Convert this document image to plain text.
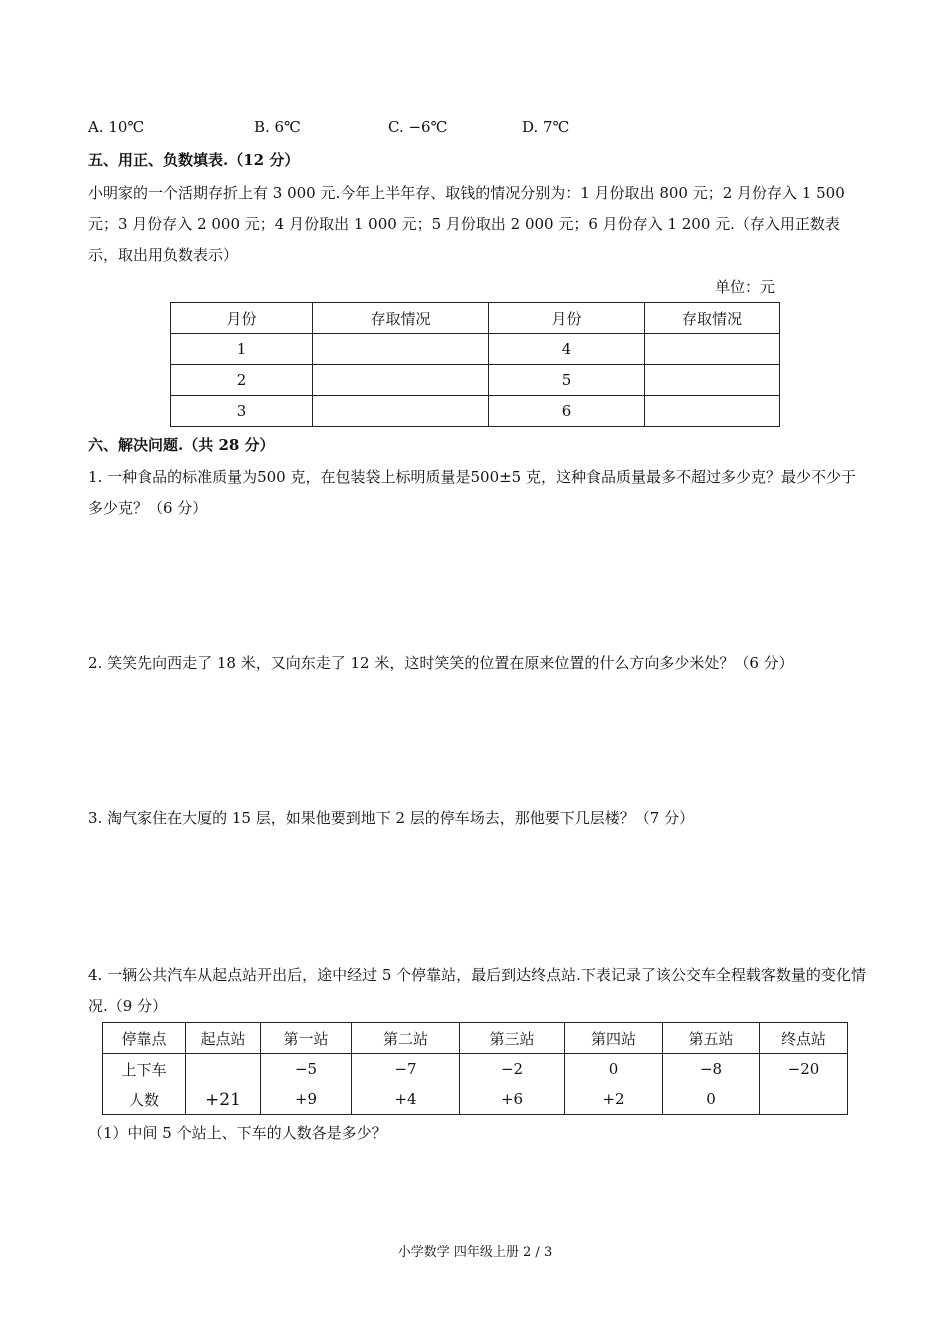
A. 10℃	B. 6℃	C. −6℃	D. 7℃
五、用正、负数填表.（12 分）
小明家的一个活期存折上有 3 000 元.今年上半年存、取钱的情况分别为：1 月份取出 800 元；2 月份存入 1 500 元；3 月份存入 2 000 元；4 月份取出 1 000 元；5 月份取出 2 000 元；6 月份存入 1 200 元.（存入用正数表示，取出用负数表示）
单位：元
月份	存取情况	月份	存取情况
1		4	
2		5	
3		6	
六、解决问题.（共 28 分）
1. 一种食品的标准质量为500 克，在包装袋上标明质量是500±5 克，这种食品质量最多不超过多少克？最少不少于多少克？（6 分）
2. 笑笑先向西走了 18 米，又向东走了 12 米，这时笑笑的位置在原来位置的什么方向多少米处？（6 分）
3. 淘气家住在大厦的 15 层，如果他要到地下 2 层的停车场去，那他要下几层楼？（7 分）
4. 一辆公共汽车从起点站开出后，途中经过 5 个停靠站，最后到达终点站.下表记录了该公交车全程载客数量的变化情况.（9 分）
停靠点	起点站	第一站	第二站	第三站	第四站	第五站	终点站
上下车	+21	−5	−7	−2	0	−8	−20
人数		+9	+4	+6	+2	0	
（1）中间 5 个站上、下车的人数各是多少？
小学数学 四年级上册 2 / 3
